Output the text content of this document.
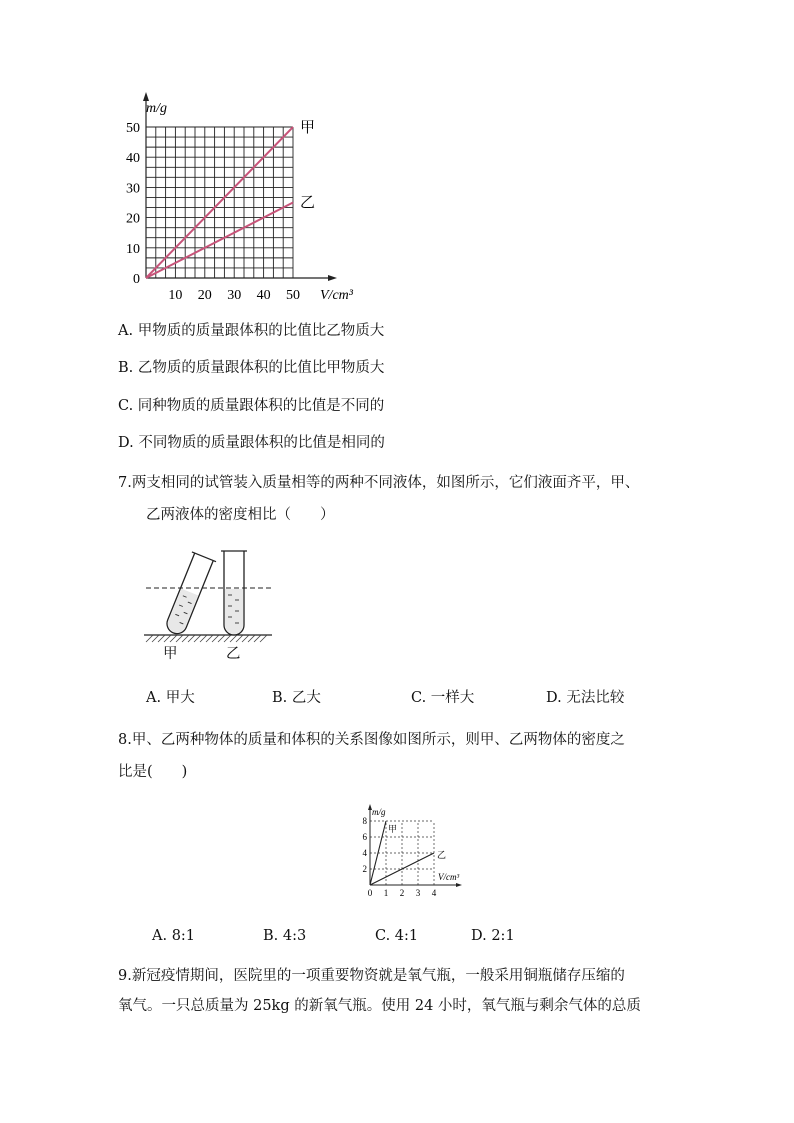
10 20 30 40 50
0
10
20
30
40
50
m/g
V/cm³
甲
乙
A. 甲物质的质量跟体积的比值比乙物质大
B. 乙物质的质量跟体积的比值比甲物质大
C. 同种物质的质量跟体积的比值是不同的
D. 不同物质的质量跟体积的比值是相同的
7.两支相同的试管装入质量相等的两种不同液体，如图所示，它们液面齐平，甲、
乙两液体的密度相比（　　）
甲	乙
A. 甲大	B. 乙大	C. 一样大	D. 无法比较
8.甲、乙两种物体的质量和体积的关系图像如图所示，则甲、乙两物体的密度之
比是(　　)
0 1 2 3 4
2
4
6
8
m/g
V/cm³
甲
乙
A. 8:1	B. 4:3	C. 4:1	D. 2:1
9.新冠疫情期间，医院里的一项重要物资就是氧气瓶，一般采用铜瓶储存压缩的
氧气。一只总质量为 25kg 的新氧气瓶。使用 24 小时，氧气瓶与剩余气体的总质
